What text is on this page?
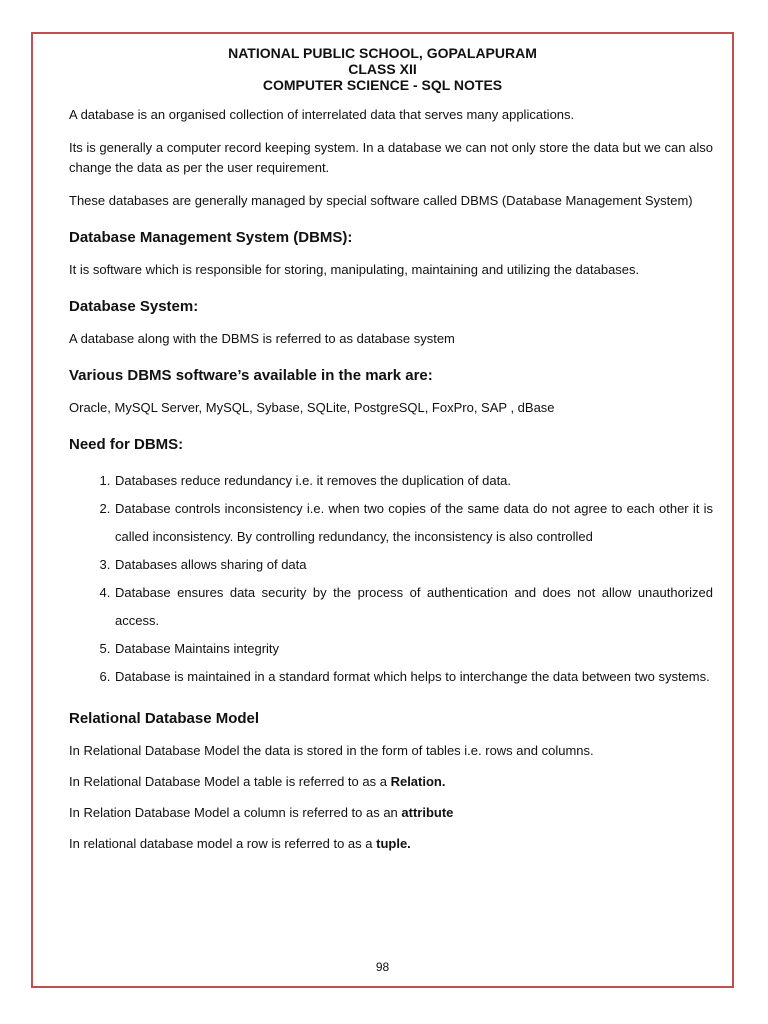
NATIONAL PUBLIC SCHOOL, GOPALAPURAM

CLASS XII

COMPUTER SCIENCE - SQL NOTES

A database is an organised collection of interrelated data that serves many applications.

Its is generally a computer record keeping system. In a database we can not only store the data but we can also change the data as per the user requirement.

These databases are generally managed by special software called DBMS (Database Management System)

Database Management System (DBMS):

It is software which is responsible for storing, manipulating, maintaining and utilizing the databases.

Database System:

A database along with the DBMS is referred to as database system

Various DBMS software’s available in the mark are:

Oracle, MySQL Server, MySQL, Sybase, SQLite, PostgreSQL, FoxPro, SAP , dBase

Need for DBMS:
1. Databases reduce redundancy i.e. it removes the duplication of data.
2. Database controls inconsistency i.e. when two copies of the same data do not agree to each other it is called inconsistency. By controlling redundancy, the inconsistency is also controlled
3. Databases allows sharing of data
4. Database ensures data security by the process of authentication and does not allow unauthorized access.
5. Database Maintains integrity
6. Database is maintained in a standard format which helps to interchange the data between two systems.
Relational Database Model

In Relational Database Model the data is stored in the form of tables i.e. rows and columns.

In Relational Database Model a table is referred to as a Relation.

In Relation Database Model a column is referred to as an attribute

In relational database model a row is referred to as a tuple.

98
